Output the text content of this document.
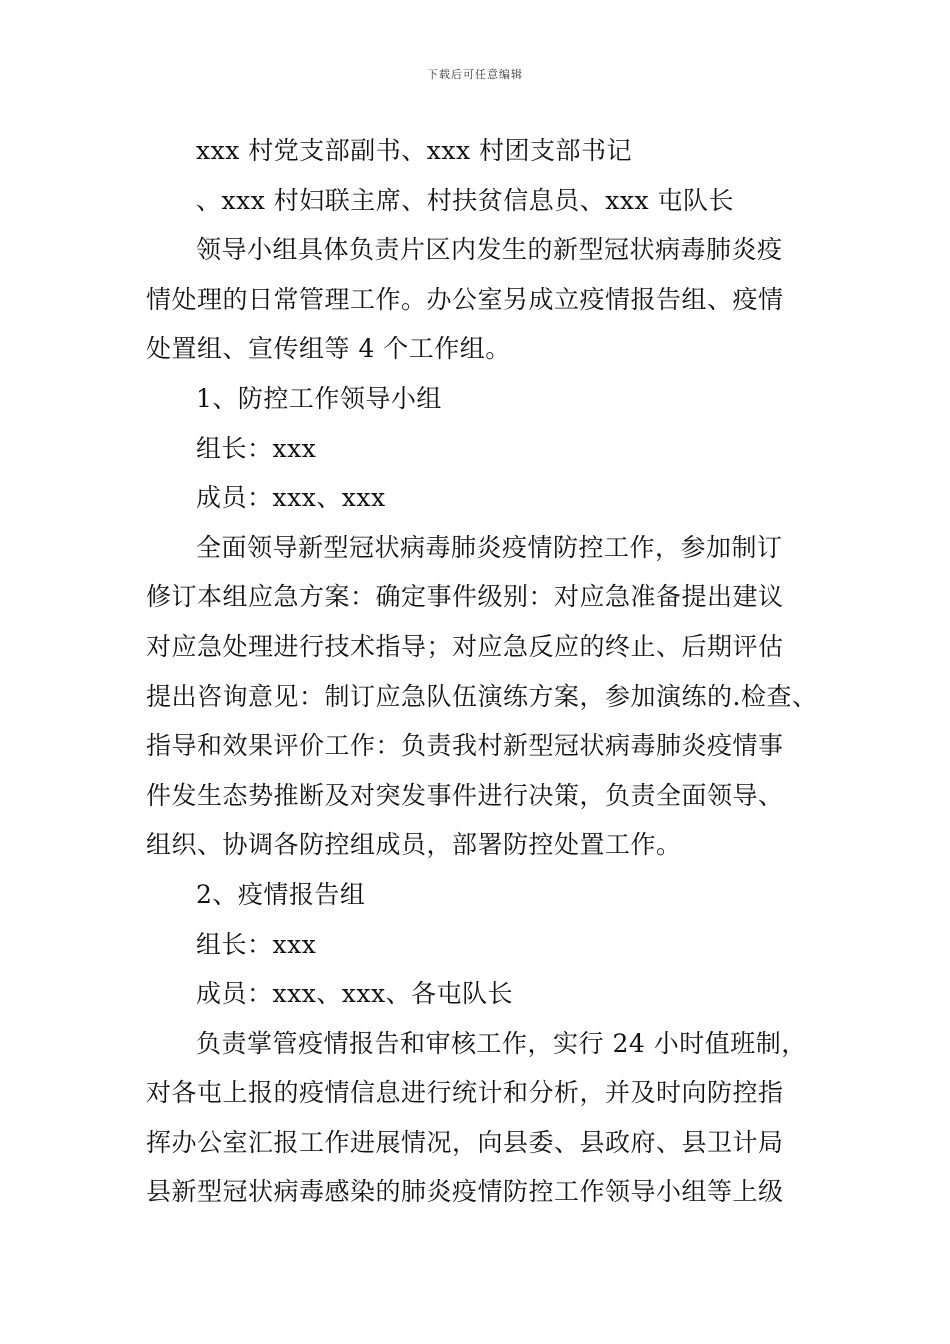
下载后可任意编辑
xxx 村党支部副书、xxx 村团支部书记
、xxx 村妇联主席、村扶贫信息员、xxx 屯队长
领导小组具体负责片区内发生的新型冠状病毒肺炎疫
情处理的日常管理工作。办公室另成立疫情报告组、疫情
处置组、宣传组等 4 个工作组。
1、防控工作领导小组
组长：xxx
成员：xxx、xxx
全面领导新型冠状病毒肺炎疫情防控工作，参加制订
修订本组应急方案：确定事件级别：对应急准备提出建议
对应急处理进行技术指导；对应急反应的终止、后期评估
提出咨询意见：制订应急队伍演练方案，参加演练的.检查、
指导和效果评价工作：负责我村新型冠状病毒肺炎疫情事
件发生态势推断及对突发事件进行决策，负责全面领导、
组织、协调各防控组成员，部署防控处置工作。
2、疫情报告组
组长：xxx
成员：xxx、xxx、各屯队长
负责掌管疫情报告和审核工作，实行 24 小时值班制，
对各屯上报的疫情信息进行统计和分析，并及时向防控指
挥办公室汇报工作进展情况，向县委、县政府、县卫计局
县新型冠状病毒感染的肺炎疫情防控工作领导小组等上级
